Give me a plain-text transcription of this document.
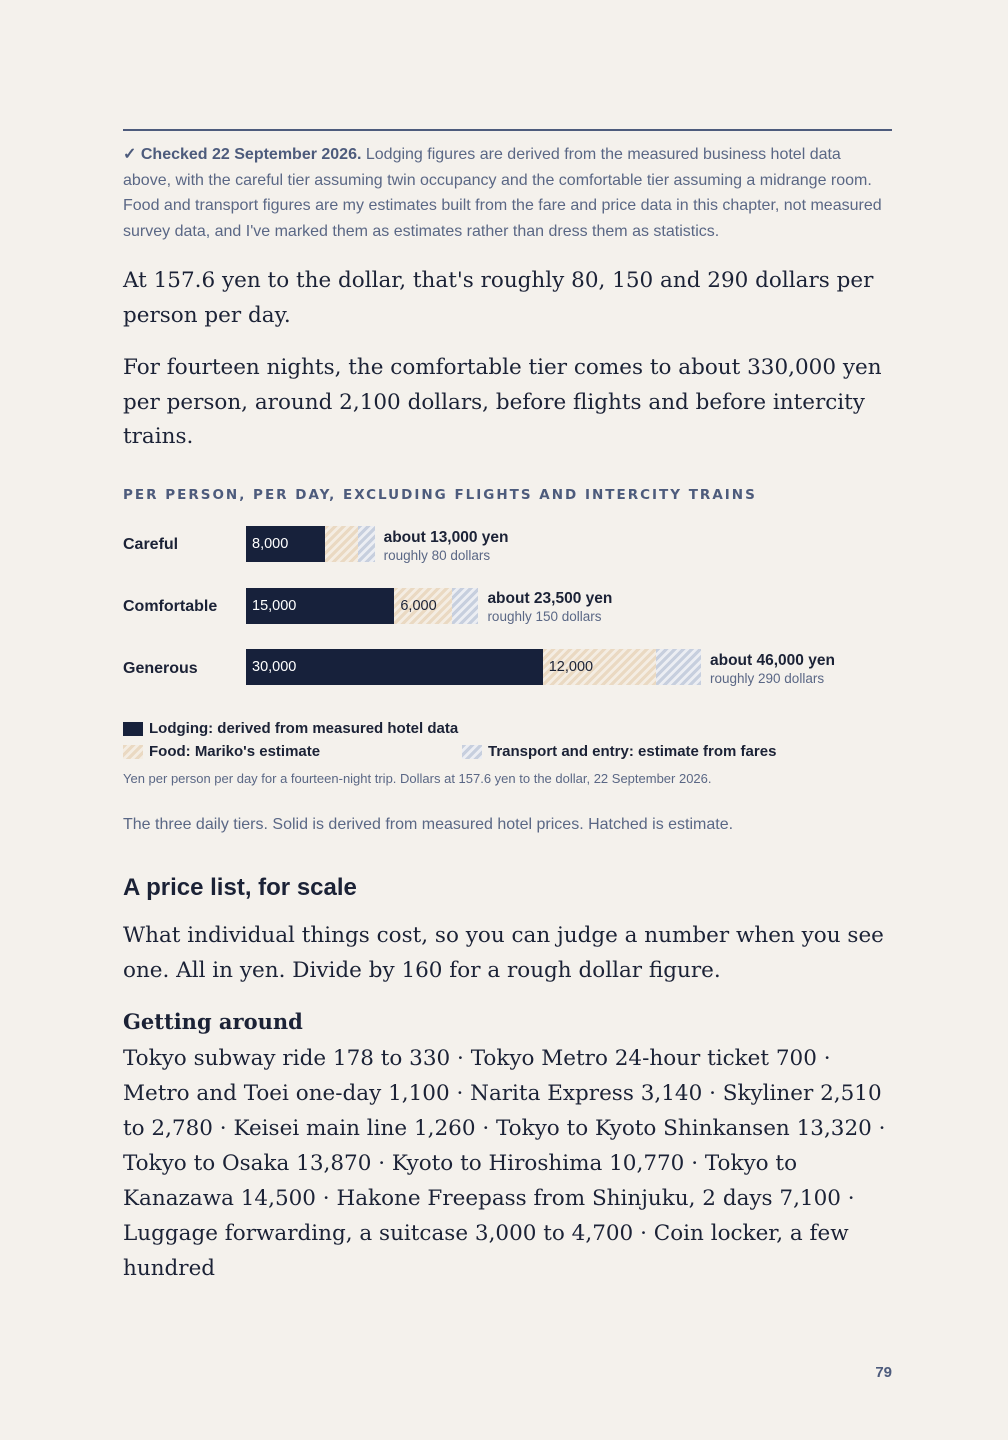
✓ Checked 22 September 2026. Lodging figures are derived from the measured business hotel data above, with the careful tier assuming twin occupancy and the comfortable tier assuming a midrange room. Food and transport figures are my estimates built from the fare and price data in this chapter, not measured survey data, and I've marked them as estimates rather than dress them as statistics.

At 157.6 yen to the dollar, that's roughly 80, 150 and 290 dollars per person per day.

For fourteen nights, the comfortable tier comes to about 330,000 yen per person, around 2,100 dollars, before flights and before intercity trains.

PER PERSON, PER DAY, EXCLUDING FLIGHTS AND INTERCITY TRAINS
Careful
Comfortable
Generous
8,000
15,000	6,000
30,000	12,000
about 13,000 yen
roughly 80 dollars
about 23,500 yen
roughly 150 dollars
about 46,000 yen
roughly 290 dollars
Lodging: derived from measured hotel data
Food: Mariko's estimate	Transport and entry: estimate from fares
Yen per person per day for a fourteen-night trip. Dollars at 157.6 yen to the dollar, 22 September 2026.
The three daily tiers. Solid is derived from measured hotel prices. Hatched is estimate.
A price list, for scale

What individual things cost, so you can judge a number when you see one. All in yen. Divide by 160 for a rough dollar figure.

Getting around

Tokyo subway ride 178 to 330 · Tokyo Metro 24-hour ticket 700 · Metro and Toei one-day 1,100 · Narita Express 3,140 · Skyliner 2,510 to 2,780 · Keisei main line 1,260 · Tokyo to Kyoto Shinkansen 13,320 · Tokyo to Osaka 13,870 · Kyoto to Hiroshima 10,770 · Tokyo to Kanazawa 14,500 · Hakone Freepass from Shinjuku, 2 days 7,100 · Luggage forwarding, a suitcase 3,000 to 4,700 · Coin locker, a few hundred

79
